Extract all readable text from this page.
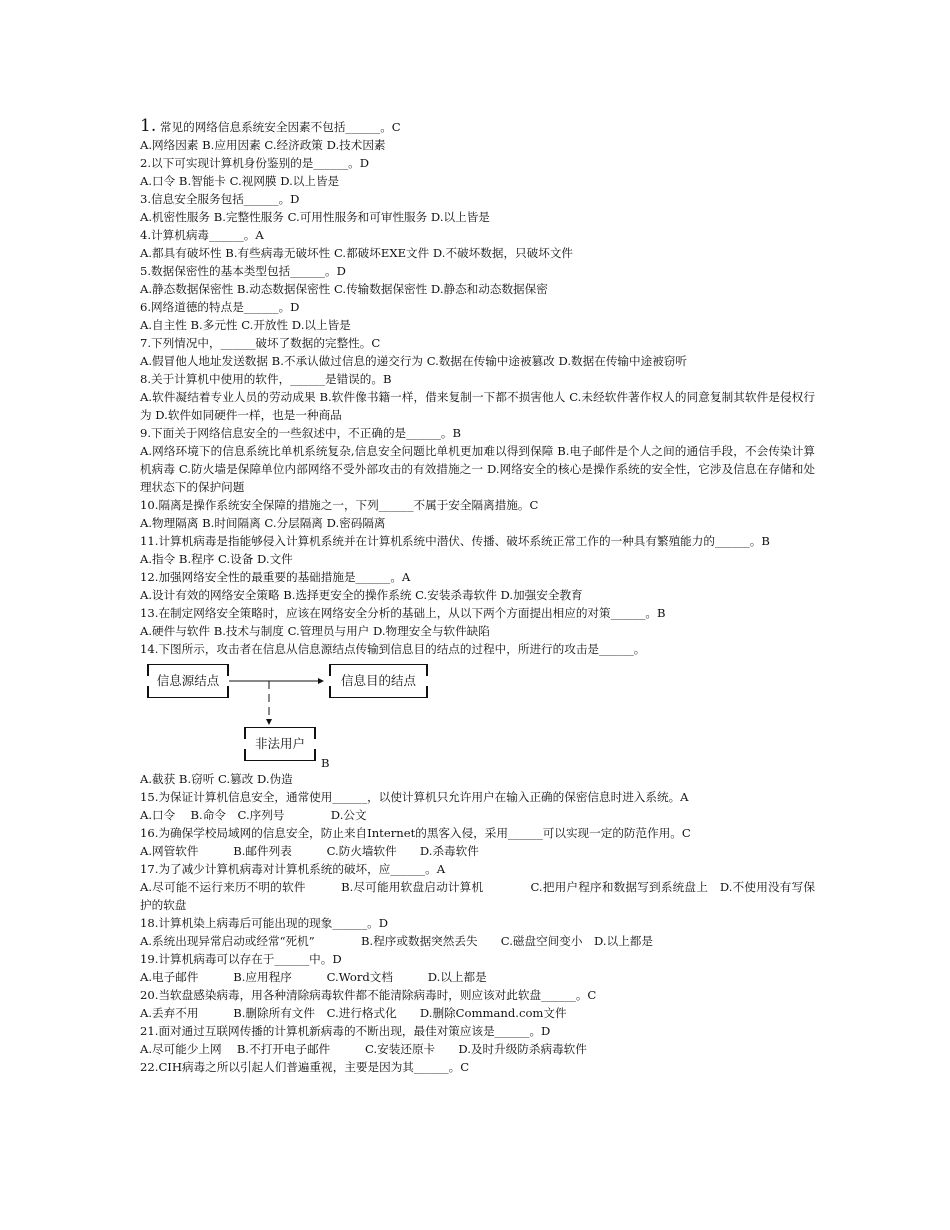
1. 常见的网络信息系统安全因素不包括______。C
A.网络因素 B.应用因素 C.经济政策 D.技术因素
2.以下可实现计算机身份鉴别的是______。D
A.口令 B.智能卡 C.视网膜 D.以上皆是
3.信息安全服务包括______。D
A.机密性服务 B.完整性服务 C.可用性服务和可审性服务 D.以上皆是
4.计算机病毒______。A
A.都具有破坏性 B.有些病毒无破坏性 C.都破坏EXE文件 D.不破坏数据，只破坏文件
5.数据保密性的基本类型包括______。D
A.静态数据保密性 B.动态数据保密性 C.传输数据保密性 D.静态和动态数据保密
6.网络道德的特点是______。D
A.自主性 B.多元性 C.开放性 D.以上皆是
7.下列情况中，______破坏了数据的完整性。C
A.假冒他人地址发送数据 B.不承认做过信息的递交行为 C.数据在传输中途被篡改 D.数据在传输中途被窃听
8.关于计算机中使用的软件，______是错误的。B
A.软件凝结着专业人员的劳动成果 B.软件像书籍一样，借来复制一下都不损害他人 C.未经软件著作权人的同意复制其软件是侵权行为 D.软件如同硬件一样，也是一种商品
9.下面关于网络信息安全的一些叙述中，不正确的是______。B
A.网络环境下的信息系统比单机系统复杂,信息安全问题比单机更加难以得到保障 B.电子邮件是个人之间的通信手段，不会传染计算机病毒 C.防火墙是保障单位内部网络不受外部攻击的有效措施之一 D.网络安全的核心是操作系统的安全性，它涉及信息在存储和处理状态下的保护问题
10.隔离是操作系统安全保障的措施之一，下列______不属于安全隔离措施。C
A.物理隔离 B.时间隔离 C.分层隔离 D.密码隔离
11.计算机病毒是指能够侵入计算机系统并在计算机系统中潜伏、传播、破坏系统正常工作的一种具有繁殖能力的______。B
A.指令 B.程序 C.设备 D.文件
12.加强网络安全性的最重要的基础措施是______。A
A.设计有效的网络安全策略 B.选择更安全的操作系统 C.安装杀毒软件 D.加强安全教育
13.在制定网络安全策略时，应该在网络安全分析的基础上，从以下两个方面提出相应的对策______。B
A.硬件与软件 B.技术与制度 C.管理员与用户 D.物理安全与软件缺陷
14.下图所示，攻击者在信息从信息源结点传输到信息目的结点的过程中，所进行的攻击是______。
信息源结点	信息目的结点
非法用户
B
A.截获 B.窃听 C.篡改 D.伪造
15.为保证计算机信息安全，通常使用______，以使计算机只允许用户在输入正确的保密信息时进入系统。A
A.口令　 B.命令　C.序列号　　　　D.公文
16.为确保学校局域网的信息安全，防止来自Internet的黑客入侵，采用______可以实现一定的防范作用。C
A.网管软件　　　B.邮件列表　　　C.防火墙软件　　D.杀毒软件
17.为了减少计算机病毒对计算机系统的破坏，应______。A
A.尽可能不运行来历不明的软件　　　B.尽可能用软盘启动计算机　　　　C.把用户程序和数据写到系统盘上　D.不使用没有写保护的软盘
18.计算机染上病毒后可能出现的现象______。D
A.系统出现异常启动或经常“死机”　　　　B.程序或数据突然丢失　　C.磁盘空间变小　D.以上都是
19.计算机病毒可以存在于______中。D
A.电子邮件　　　B.应用程序　　　C.Word文档　　　D.以上都是
20.当软盘感染病毒，用各种清除病毒软件都不能清除病毒时，则应该对此软盘______。C
A.丢弃不用　　　B.删除所有文件　C.进行格式化　　D.删除Command.com文件
21.面对通过互联网传播的计算机新病毒的不断出现，最佳对策应该是______。D
A.尽可能少上网　 B.不打开电子邮件　　　C.安装还原卡　　D.及时升级防杀病毒软件
22.CIH病毒之所以引起人们普遍重视，主要是因为其______。C
